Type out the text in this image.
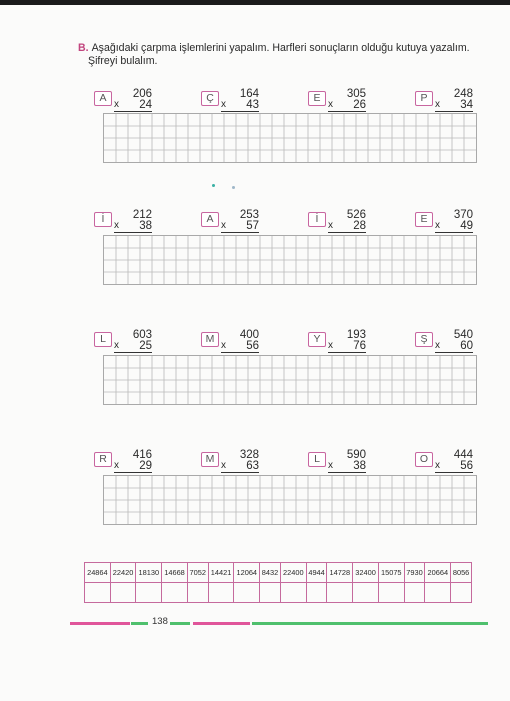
B. Aşağıdaki çarpma işlemlerini yapalım. Harfleri sonuçların olduğu kutuya yazalım.
Şifreyi bulalım.
A	206
x 24
Ç	164
x 43
E	305
x 26
P	248
x 34
İ	212
x 38
A	253
x 57
İ	526
x 28
E	370
x 49
L	603
x 25
M	400
x 56
Y	193
x 76
Ş	540
x 60
R	416
x 29
M	328
x 63
L	590
x 38
O	444
x 56
24864	22420	18130	14668	7052	14421	12064	8432	22400	4944	14728	32400	15075	7930	20664	8056

138
